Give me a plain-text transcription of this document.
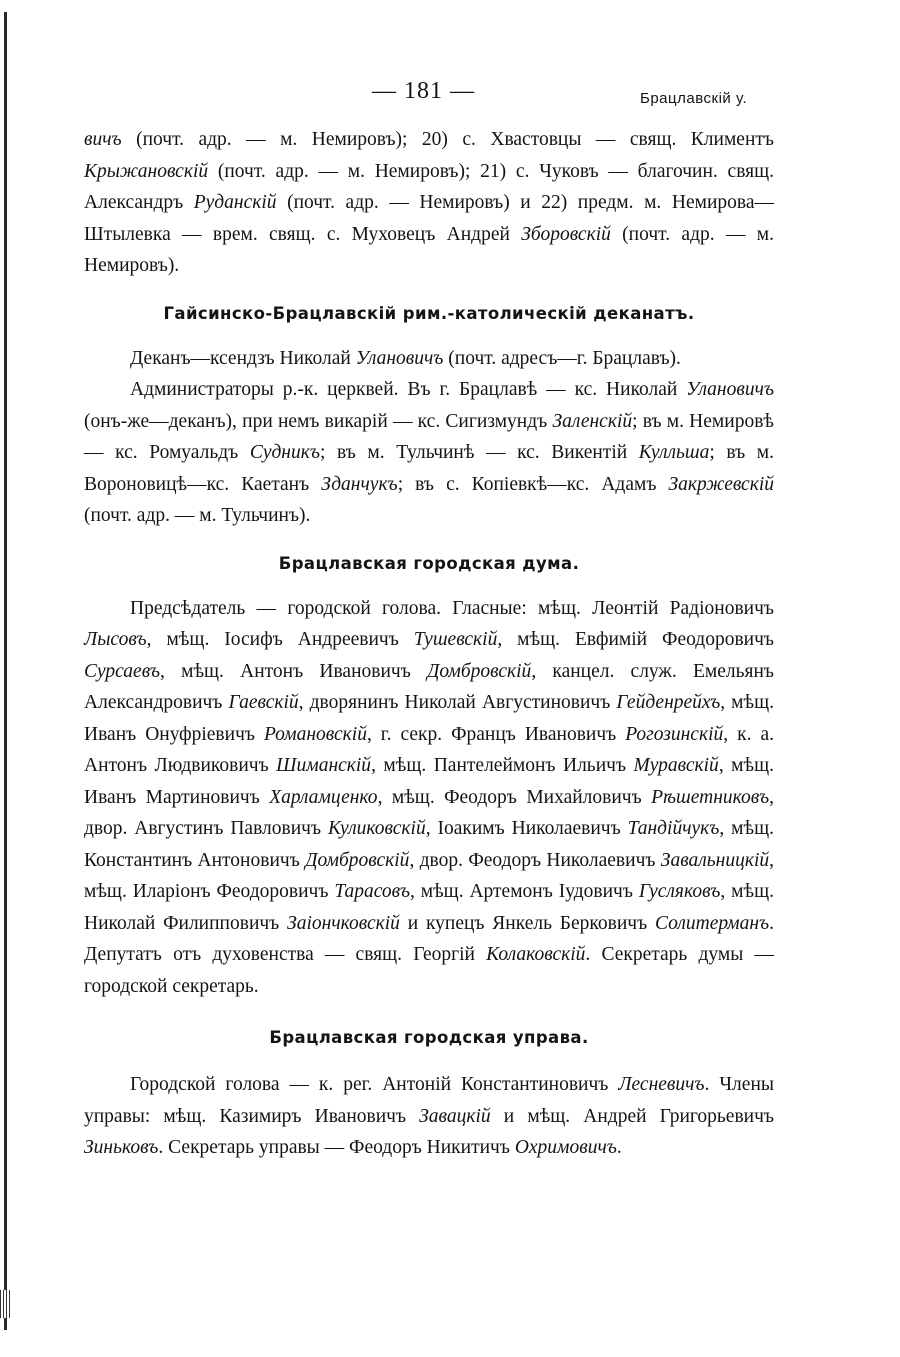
— 181 —	Брацлавскій у.

вичъ (почт. адр. — м. Немировъ); 20) с. Хвастовцы — свящ. Климентъ Крыжановскій (почт. адр. — м. Немировъ); 21) с. Чуковъ — благочин. свящ. Александръ Руданскій (почт. адр. — Немировъ) и 22) предм. м. Немирова—Штылевка — врем. свящ. с. Муховецъ Андрей Зборовскій (почт. адр. — м. Немировъ).

Гайсинско-Брацлавскій рим.-католическій деканатъ.

Деканъ—ксендзъ Николай Улановичъ (почт. адресъ—г. Брацлавъ).

Администраторы р.-к. церквей. Въ г. Брацлавѣ — кс. Николай Улановичъ (онъ-же—деканъ), при немъ викарій — кс. Сигизмундъ Заленскій; въ м. Немировѣ — кс. Ромуальдъ Судникъ; въ м. Тульчинѣ — кс. Викентій Кулльша; въ м. Вороновицѣ—кс. Каетанъ Зданчукъ; въ с. Копіевкѣ—кс. Адамъ Закржевскій (почт. адр. — м. Тульчинъ).

Брацлавская городская дума.

Предсѣдатель — городской голова. Гласные: мѣщ. Леонтій Радіоновичъ Лысовъ, мѣщ. Іосифъ Андреевичъ Тушевскій, мѣщ. Евфимій Феодоровичъ Сурсаевъ, мѣщ. Антонъ Ивановичъ Домбровскій, канцел. служ. Емельянъ Александровичъ Гаевскій, дворянинъ Николай Августиновичъ Гейденрейхъ, мѣщ. Иванъ Онуфріевичъ Романовскій, г. секр. Францъ Ивановичъ Рогозинскій, к. а. Антонъ Людвиковичъ Шиманскій, мѣщ. Пантелеймонъ Ильичъ Муравскій, мѣщ. Иванъ Мартиновичъ Харламценко, мѣщ. Феодоръ Михайловичъ Рѣшетниковъ, двор. Августинъ Павловичъ Куликовскій, Іоакимъ Николаевичъ Тандійчукъ, мѣщ. Константинъ Антоновичъ Домбровскій, двор. Феодоръ Николаевичъ Завальницкій, мѣщ. Иларіонъ Феодоровичъ Тарасовъ, мѣщ. Артемонъ Іудовичъ Гусляковъ, мѣщ. Николай Филипповичъ Заіончковскій и купецъ Янкель Берковичъ Солитерманъ. Депутатъ отъ духовенства — свящ. Георгій Колаковскій. Секретарь думы — городской секретарь.

Брацлавская городская управа.

Городской голова — к. рег. Антоній Константиновичъ Лесневичъ. Члены управы: мѣщ. Казимиръ Ивановичъ Завацкій и мѣщ. Андрей Григорьевичъ Зиньковъ. Секретарь управы — Феодоръ Никитичъ Охримовичъ.
